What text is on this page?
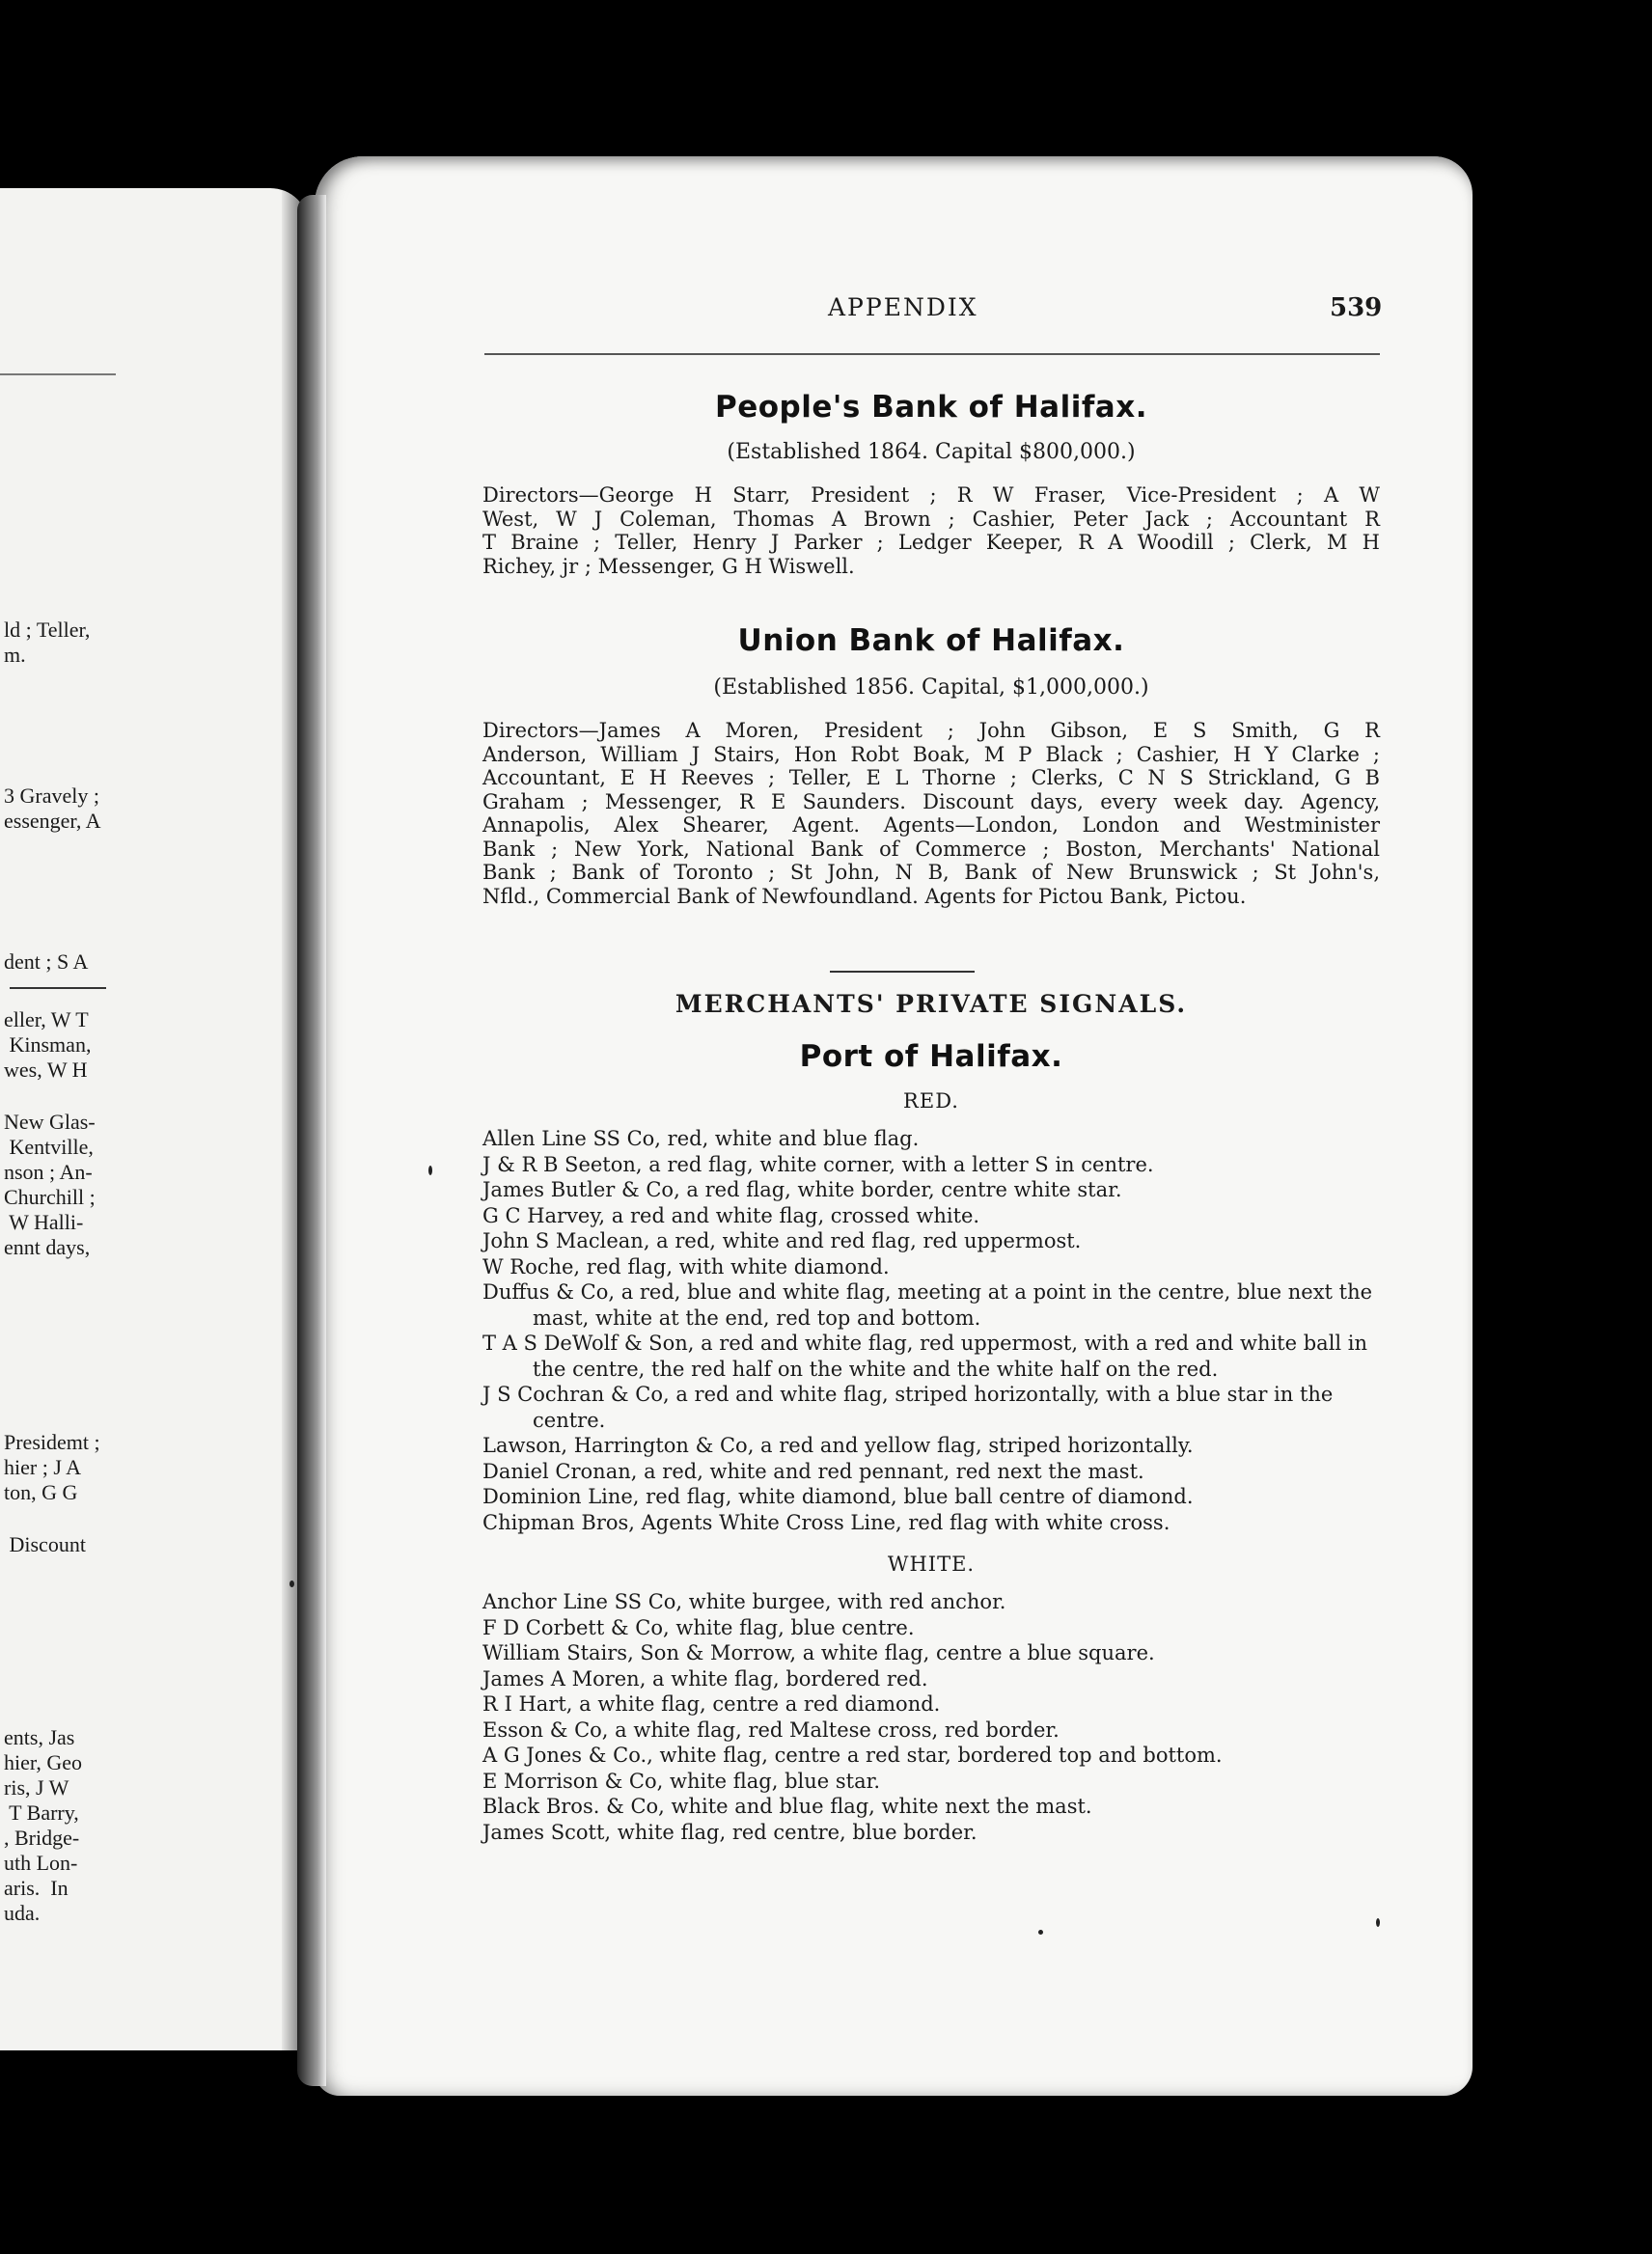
ld ; Teller,

m.

3 Gravely ;

essenger, A

dent ; S A

eller, W T

Kinsman,

wes, W H

New Glas-

Kentville,

nson ; An-

Churchill ;

W Halli-

ennt days,

Presidemt ;

hier ; J A

ton, G G

Discount

ents, Jas

hier, Geo

ris, J W

T Barry,

, Bridge-

uth Lon-

aris.  In

uda.

APPENDIX	539
People's Bank of Halifax.

(Established 1864. Capital $800,000.)

Directors—George H Starr, President ; R W Fraser, Vice-President ; A W
West, W J Coleman, Thomas A Brown ; Cashier, Peter Jack ; Accountant R
T Braine ; Teller, Henry J Parker ; Ledger Keeper, R A Woodill ; Clerk, M H
Richey, jr ; Messenger, G H Wiswell.

Union Bank of Halifax.

(Established 1856. Capital, $1,000,000.)

Directors—James A Moren, President ; John Gibson, E S Smith, G R
Anderson, William J Stairs, Hon Robt Boak, M P Black ; Cashier, H Y Clarke ;
Accountant, E H Reeves ; Teller, E L Thorne ; Clerks, C N S Strickland, G B
Graham ; Messenger, R E Saunders. Discount days, every week day. Agency,
Annapolis, Alex Shearer, Agent. Agents—London, London and Westminister
Bank ; New York, National Bank of Commerce ; Boston, Merchants' National
Bank ; Bank of Toronto ; St John, N B, Bank of New Brunswick ; St John's,
Nfld., Commercial Bank of Newfoundland. Agents for Pictou Bank, Pictou.

MERCHANTS' PRIVATE SIGNALS.
Port of Halifax.

RED.

Allen Line SS Co, red, white and blue flag.
J & R B Seeton, a red flag, white corner, with a letter S in centre.
James Butler & Co, a red flag, white border, centre white star.
G C Harvey, a red and white flag, crossed white.
John S Maclean, a red, white and red flag, red uppermost.
W Roche, red flag, with white diamond.
Duffus & Co, a red, blue and white flag, meeting at a point in the centre, blue next the mast, white at the end, red top and bottom.
T A S DeWolf & Son, a red and white flag, red uppermost, with a red and white ball in the centre, the red half on the white and the white half on the red.
J S Cochran & Co, a red and white flag, striped horizontally, with a blue star in the centre.
Lawson, Harrington & Co, a red and yellow flag, striped horizontally.
Daniel Cronan, a red, white and red pennant, red next the mast.
Dominion Line, red flag, white diamond, blue ball centre of diamond.
Chipman Bros, Agents White Cross Line, red flag with white cross.

WHITE.

Anchor Line SS Co, white burgee, with red anchor.
F D Corbett & Co, white flag, blue centre.
William Stairs, Son & Morrow, a white flag, centre a blue square.
James A Moren, a white flag, bordered red.
R I Hart, a white flag, centre a red diamond.
Esson & Co, a white flag, red Maltese cross, red border.
A G Jones & Co., white flag, centre a red star, bordered top and bottom.
E Morrison & Co, white flag, blue star.
Black Bros. & Co, white and blue flag, white next the mast.
James Scott, white flag, red centre, blue border.
